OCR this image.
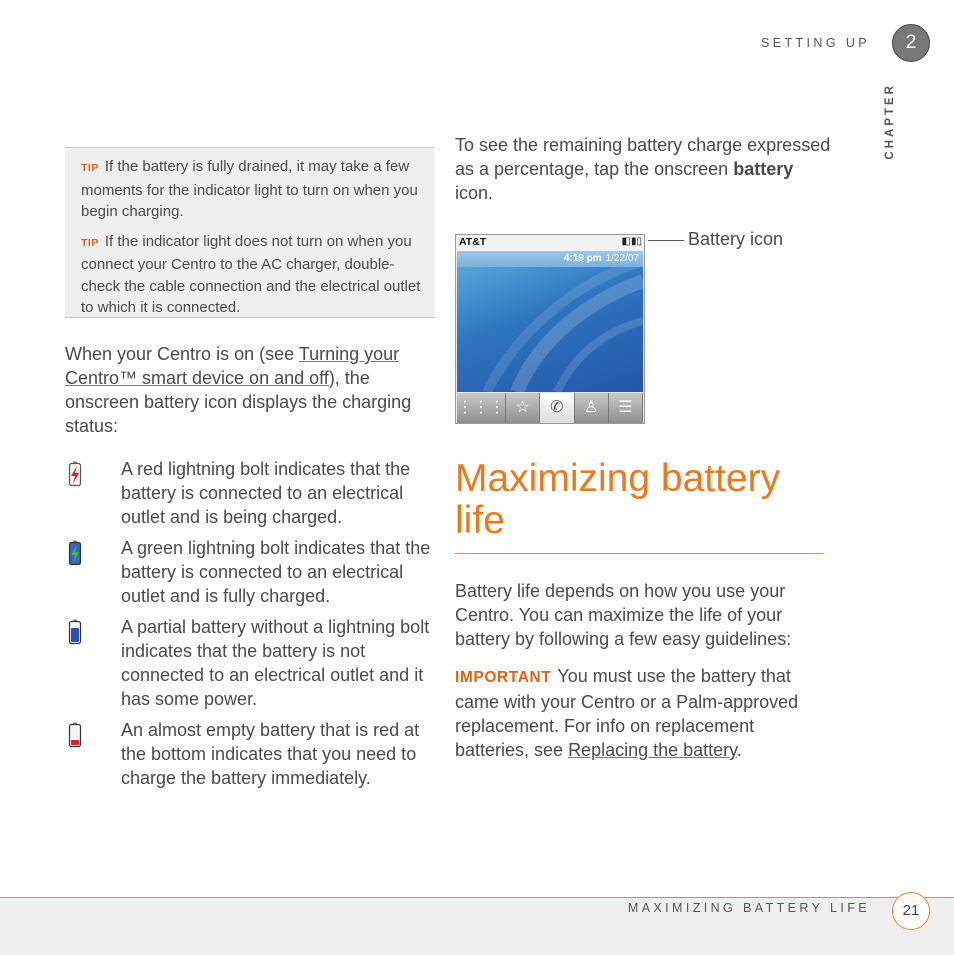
SETTING UP	2
CHAPTER

TIP If the battery is fully drained, it may take a few moments for the indicator light to turn on when you begin charging.

TIP If the indicator light does not turn on when you connect your Centro to the AC charger, double-check the cable connection and the electrical outlet to which it is connected.

When your Centro is on (see Turning your Centro™ smart device on and off), the onscreen battery icon displays the charging status:
A red lightning bolt indicates that the battery is connected to an electrical outlet and is being charged.
A green lightning bolt indicates that the battery is connected to an electrical outlet and is fully charged.
A partial battery without a lightning bolt indicates that the battery is not connected to an electrical outlet and it has some power.
An almost empty battery that is red at the bottom indicates that you need to charge the battery immediately.
To see the remaining battery charge expressed as a percentage, tap the onscreen battery icon.
AT&T	◧▮▯
4:19 pm 1/22/07
⋮⋮⋮ ☆	✆	♙	☰
Battery icon
Maximizing battery life

Battery life depends on how you use your Centro. You can maximize the life of your battery by following a few easy guidelines:

IMPORTANT You must use the battery that came with your Centro or a Palm-approved replacement. For info on replacement batteries, see Replacing the battery.

MAXIMIZING BATTERY LIFE	21
